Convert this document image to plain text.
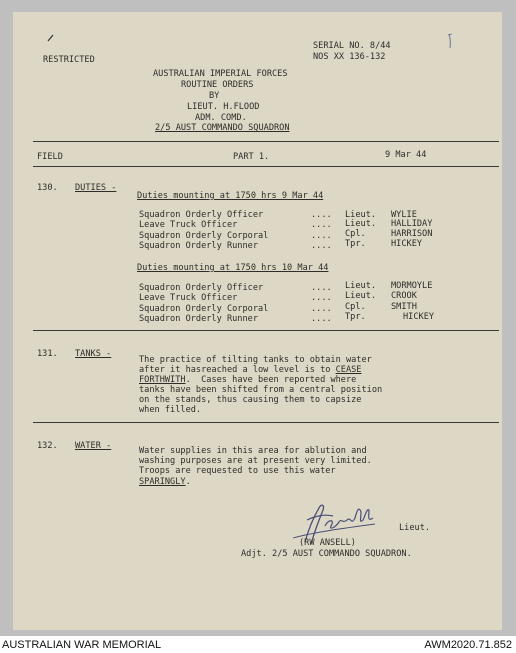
RESTRICTED
SERIAL NO. 8/44
NOS XX 136-132
AUSTRALIAN IMPERIAL FORCES
ROUTINE ORDERS
BY
LIEUT. H.FLOOD
ADM. COMD.
2/5 AUST COMMANDO SQUADRON
FIELD	PART 1.	9 Mar 44
130. DUTIES -
Duties mounting at 1750 hrs 9 Mar 44
Squadron Orderly Officer	.... Lieut. WYLIE
Leave Truck Officer	.... Lieut. HALLIDAY
Squadron Orderly Corporal	.... Cpl.	HARRISON
Squadron Orderly Runner	.... Tpr.	HICKEY
Duties mounting at 1750 hrs 10 Mar 44
Squadron Orderly Officer	.... Lieut. MORMOYLE
Leave Truck Officer	.... Lieut. CROOK
Squadron Orderly Corporal	.... Cpl.	SMITH
Squadron Orderly Runner	.... Tpr.	HICKEY
131. TANKS -
The practice of tilting tanks to obtain water
after it hasreached a low level is to CEASE
FORTHWITH.  Cases have been reported where
tanks have been shifted from a central position
on the stands, thus causing them to capsize
when filled.
132. WATER -	Water supplies in this area for ablution and
washing purposes are at present very limited.
Troops are requested to use this water
SPARINGLY.
Lieut.
(RW ANSELL)
Adjt. 2/5 AUST COMMANDO SQUADRON.
AUSTRALIAN WAR MEMORIAL	AWM2020.71.852
